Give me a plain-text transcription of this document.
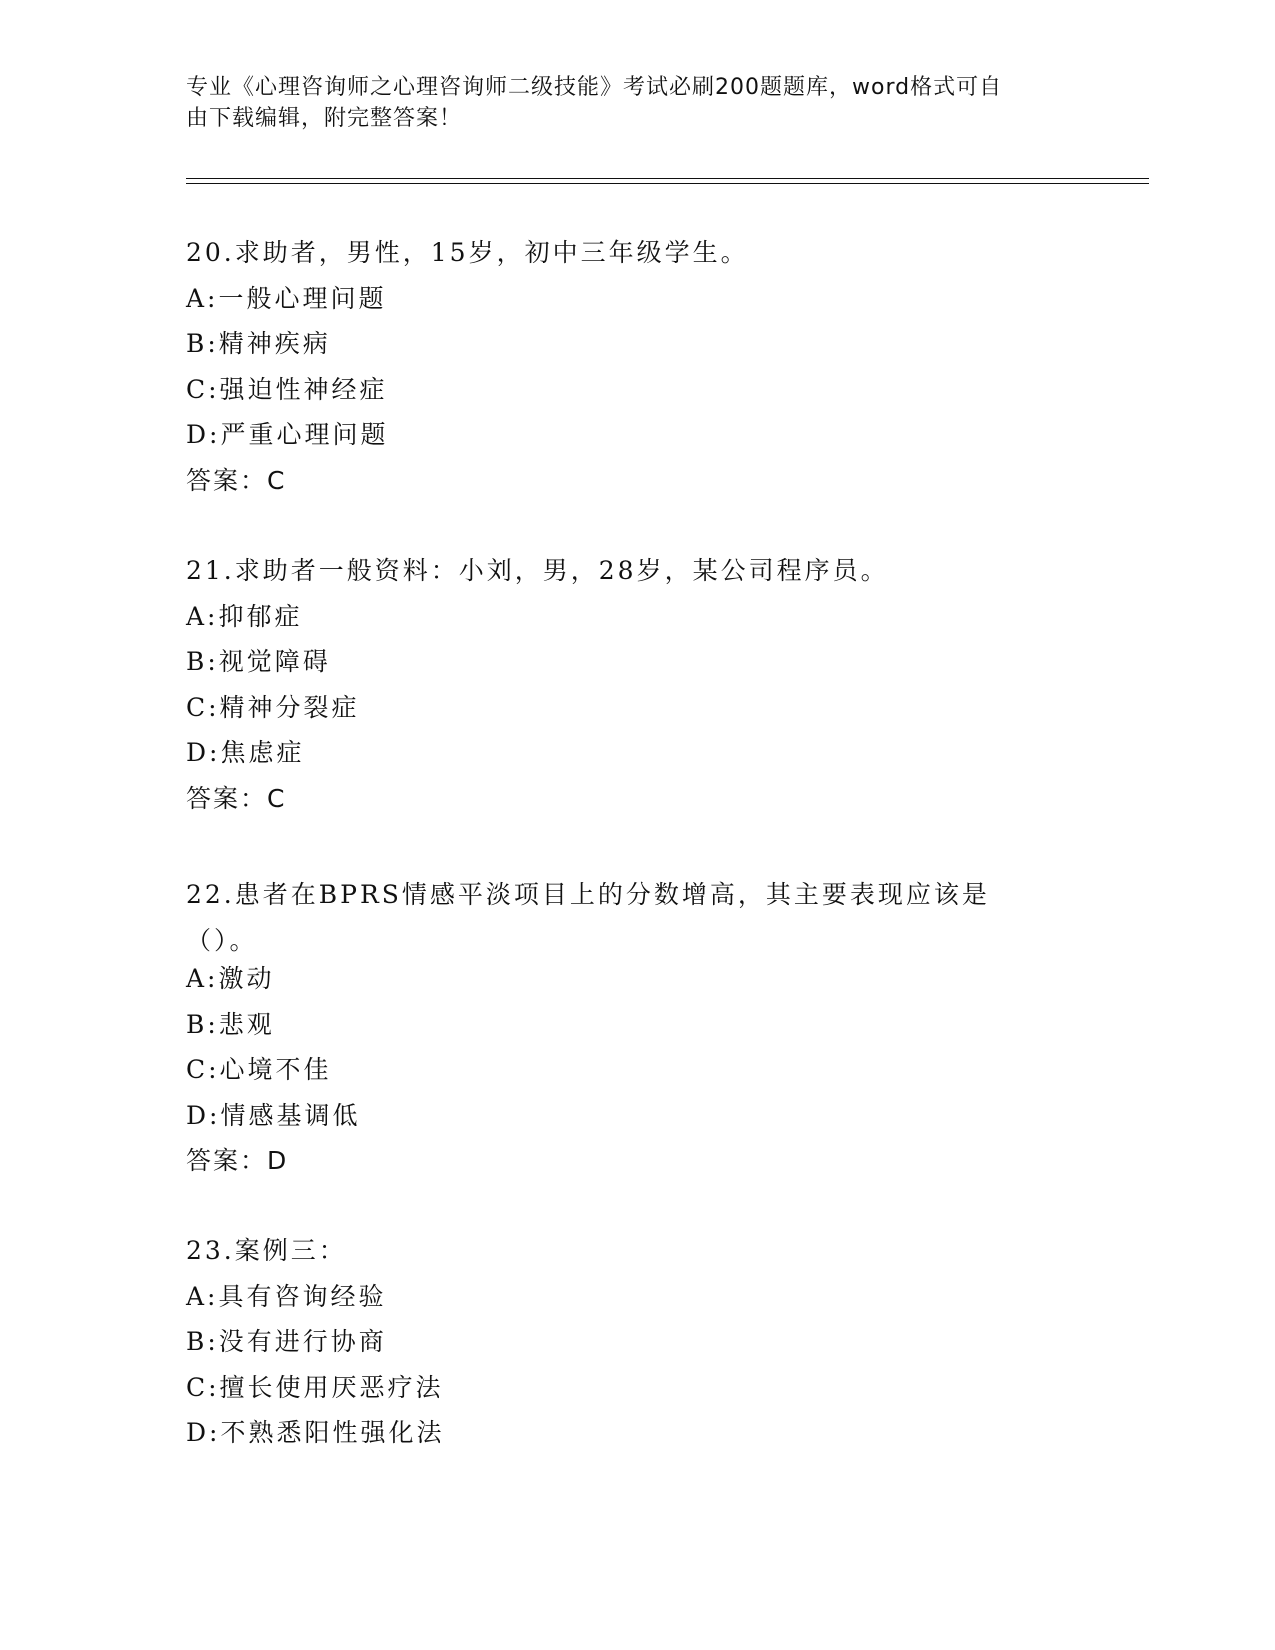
专业《心理咨询师之心理咨询师二级技能》考试必刷200题题库，word格式可自
由下载编辑，附完整答案！
20.求助者，男性，15岁，初中三年级学生。
A:一般心理问题
B:精神疾病
C:强迫性神经症
D:严重心理问题
答案：C
21.求助者一般资料：小刘，男，28岁，某公司程序员。
A:抑郁症
B:视觉障碍
C:精神分裂症
D:焦虑症
答案：C
22.患者在BPRS情感平淡项目上的分数增高，其主要表现应该是（）。
A:激动
B:悲观
C:心境不佳
D:情感基调低
答案：D
23.案例三：
A:具有咨询经验
B:没有进行协商
C:擅长使用厌恶疗法
D:不熟悉阳性强化法
